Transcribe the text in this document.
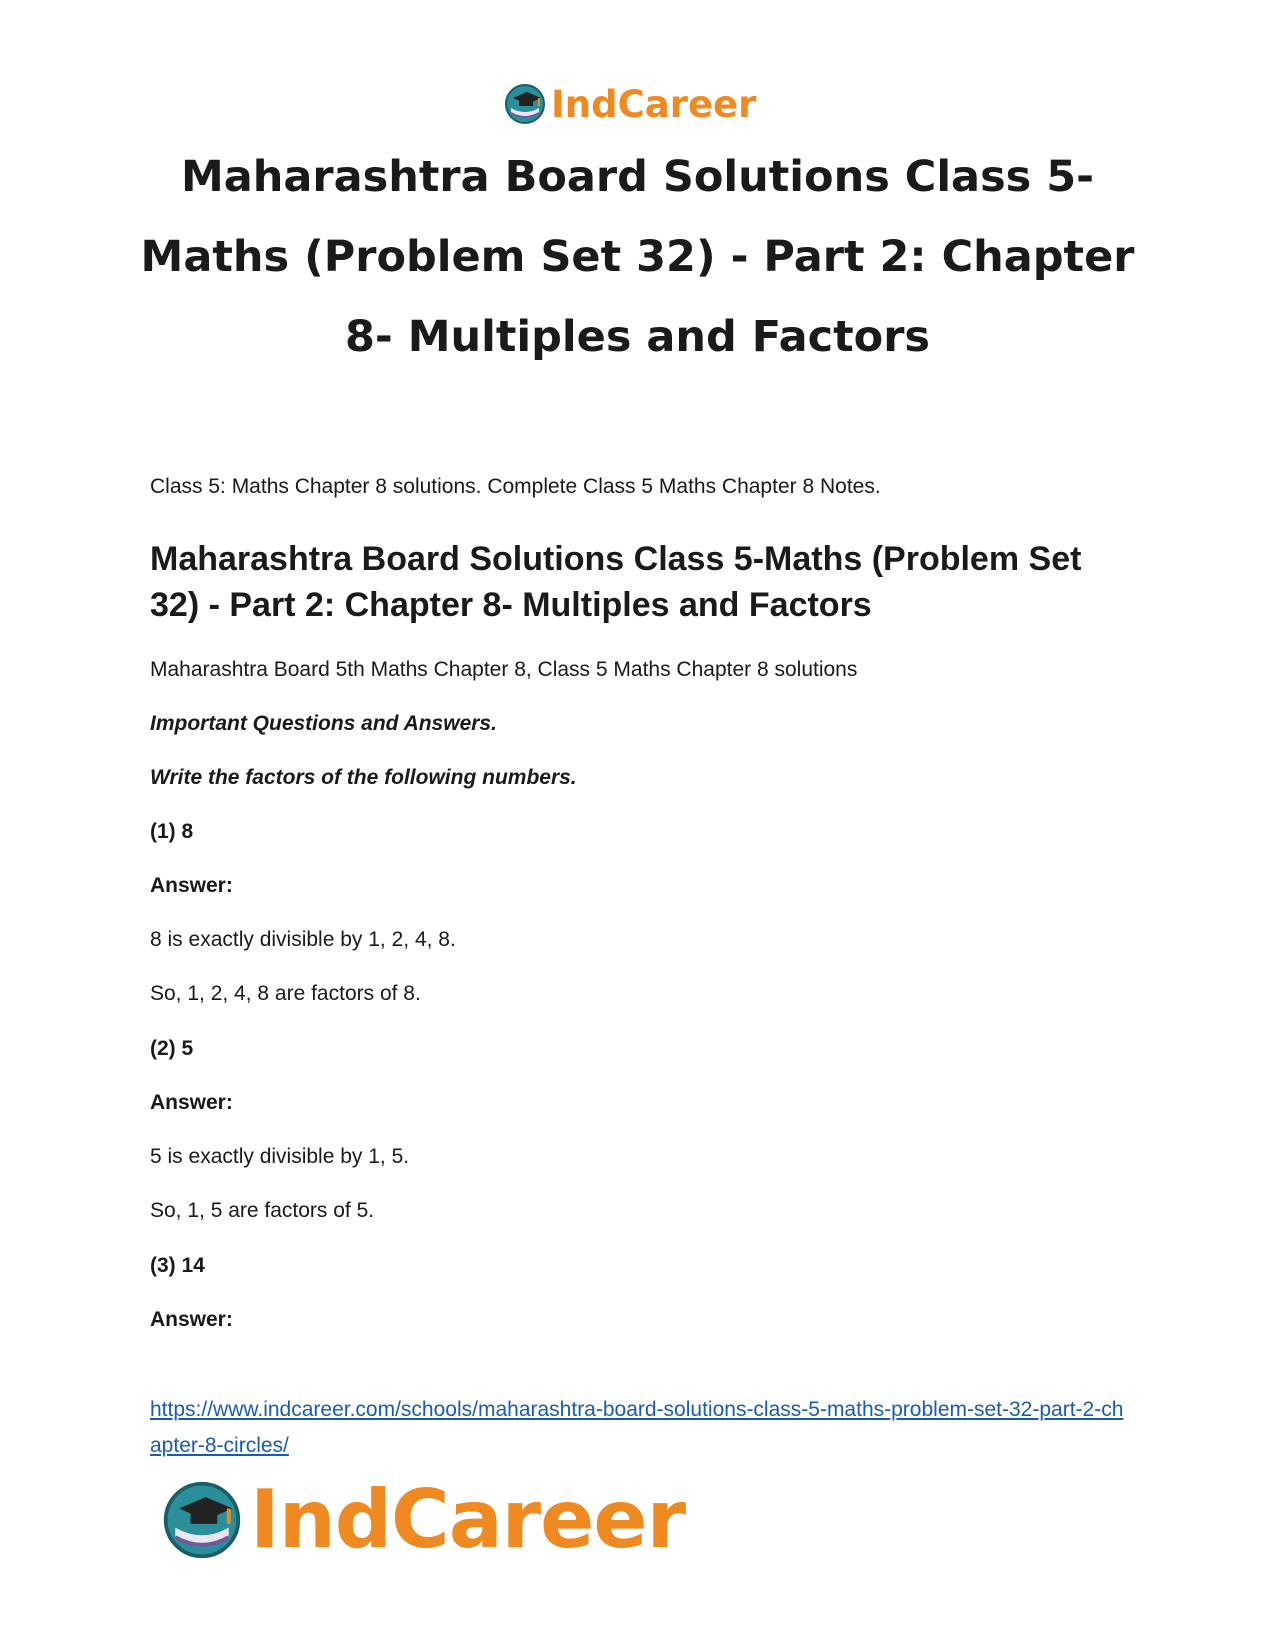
IndCareer
Maharashtra Board Solutions Class 5-Maths (Problem Set 32) - Part 2: Chapter 8- Multiples and Factors

Class 5: Maths Chapter 8 solutions. Complete Class 5 Maths Chapter 8 Notes.

Maharashtra Board Solutions Class 5-Maths (Problem Set 32) - Part 2: Chapter 8- Multiples and Factors

Maharashtra Board 5th Maths Chapter 8, Class 5 Maths Chapter 8 solutions

Important Questions and Answers.

Write the factors of the following numbers.

(1) 8

Answer:

8 is exactly divisible by 1, 2, 4, 8.

So, 1, 2, 4, 8 are factors of 8.

(2) 5

Answer:

5 is exactly divisible by 1, 5.

So, 1, 5 are factors of 5.

(3) 14

Answer:

https://www.indcareer.com/schools/maharashtra-board-solutions-class-5-maths-problem-set-32-part-2-chapter-8-circles/
IndCareer
